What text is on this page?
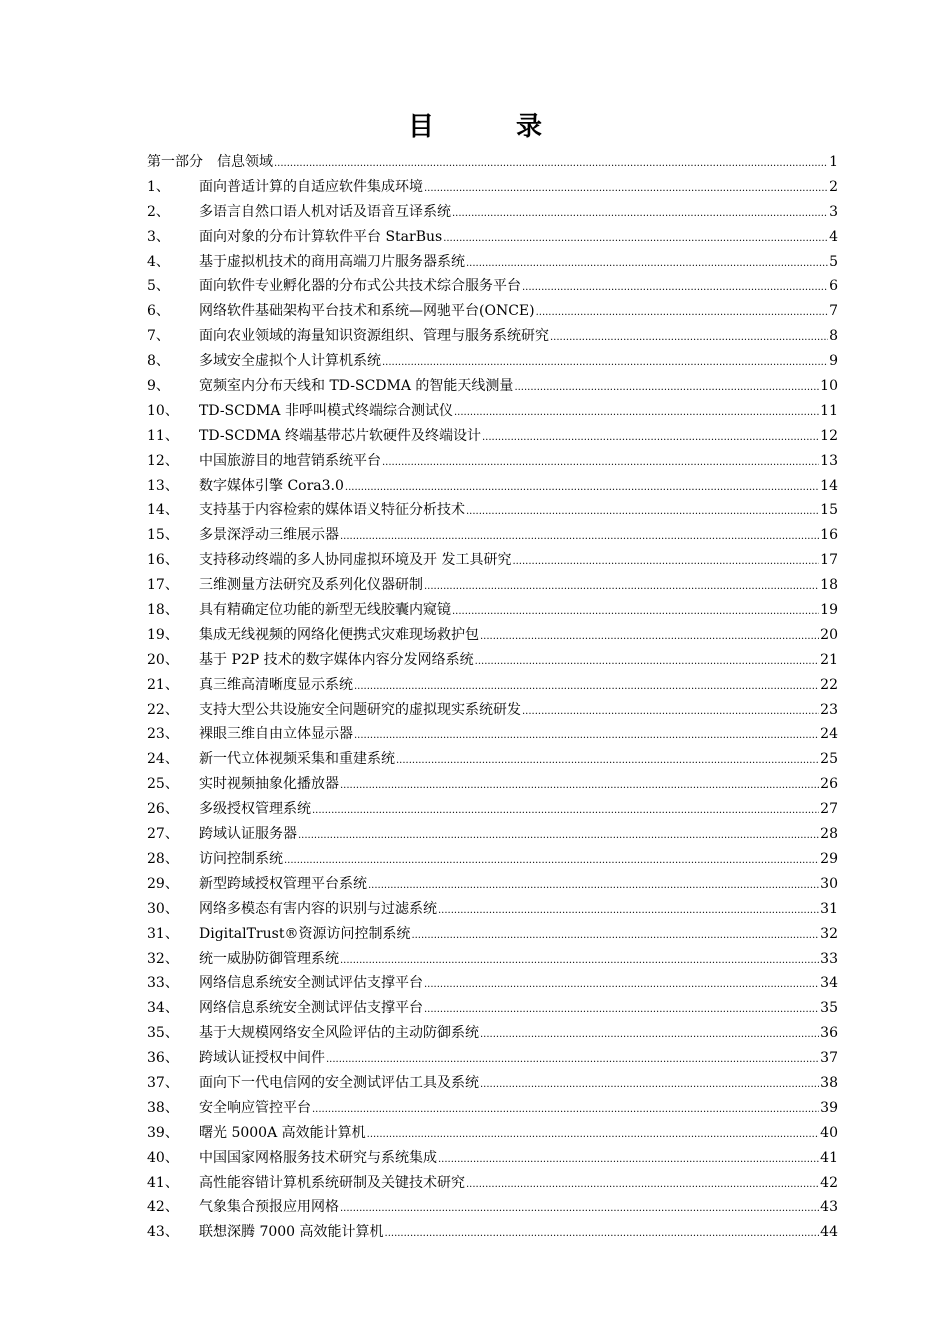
目　录
第一部分　信息领域 .....	1
1、	面向普适计算的自适应软件集成环境 .....	2
2、	多语言自然口语人机对话及语音互译系统 .....	3
3、	面向对象的分布计算软件平台 StarBus .....	4
4、	基于虚拟机技术的商用高端刀片服务器系统 .....	5
5、	面向软件专业孵化器的分布式公共技术综合服务平台 .....	6
6、	网络软件基础架构平台技术和系统—网驰平台(ONCE) .....	7
7、	面向农业领域的海量知识资源组织、管理与服务系统研究 .....	8
8、	多域安全虚拟个人计算机系统 .....	9
9、	宽频室内分布天线和 TD-SCDMA 的智能天线测量 .....	10
10、	TD-SCDMA 非呼叫模式终端综合测试仪 .....	11
11、	TD-SCDMA 终端基带芯片软硬件及终端设计 .....	12
12、	中国旅游目的地营销系统平台 .....	13
13、	数字媒体引擎 Cora3.0 .....	14
14、	支持基于内容检索的媒体语义特征分析技术 .....	15
15、	多景深浮动三维展示器 .....	16
16、	支持移动终端的多人协同虚拟环境及开 发工具研究 .....	17
17、	三维测量方法研究及系列化仪器研制 .....	18
18、	具有精确定位功能的新型无线胶囊内窥镜 .....	19
19、	集成无线视频的网络化便携式灾难现场救护包 .....	20
20、	基于 P2P 技术的数字媒体内容分发网络系统 .....	21
21、	真三维高清晰度显示系统 .....	22
22、	支持大型公共设施安全问题研究的虚拟现实系统研发 .....	23
23、	裸眼三维自由立体显示器 .....	24
24、	新一代立体视频采集和重建系统 .....	25
25、	实时视频抽象化播放器 .....	26
26、	多级授权管理系统 .....	27
27、	跨域认证服务器 .....	28
28、	访问控制系统 .....	29
29、	新型跨域授权管理平台系统 .....	30
30、	网络多模态有害内容的识别与过滤系统 .....	31
31、	DigitalTrust®资源访问控制系统 .....	32
32、	统一威胁防御管理系统 .....	33
33、	网络信息系统安全测试评估支撑平台 .....	34
34、	网络信息系统安全测试评估支撑平台 .....	35
35、	基于大规模网络安全风险评估的主动防御系统 .....	36
36、	跨域认证授权中间件 .....	37
37、	面向下一代电信网的安全测试评估工具及系统 .....	38
38、	安全响应管控平台 .....	39
39、	曙光 5000A 高效能计算机 .....	40
40、	中国国家网格服务技术研究与系统集成 .....	41
41、	高性能容错计算机系统研制及关键技术研究 .....	42
42、	气象集合预报应用网格 .....	43
43、	联想深腾 7000 高效能计算机 .....	44
